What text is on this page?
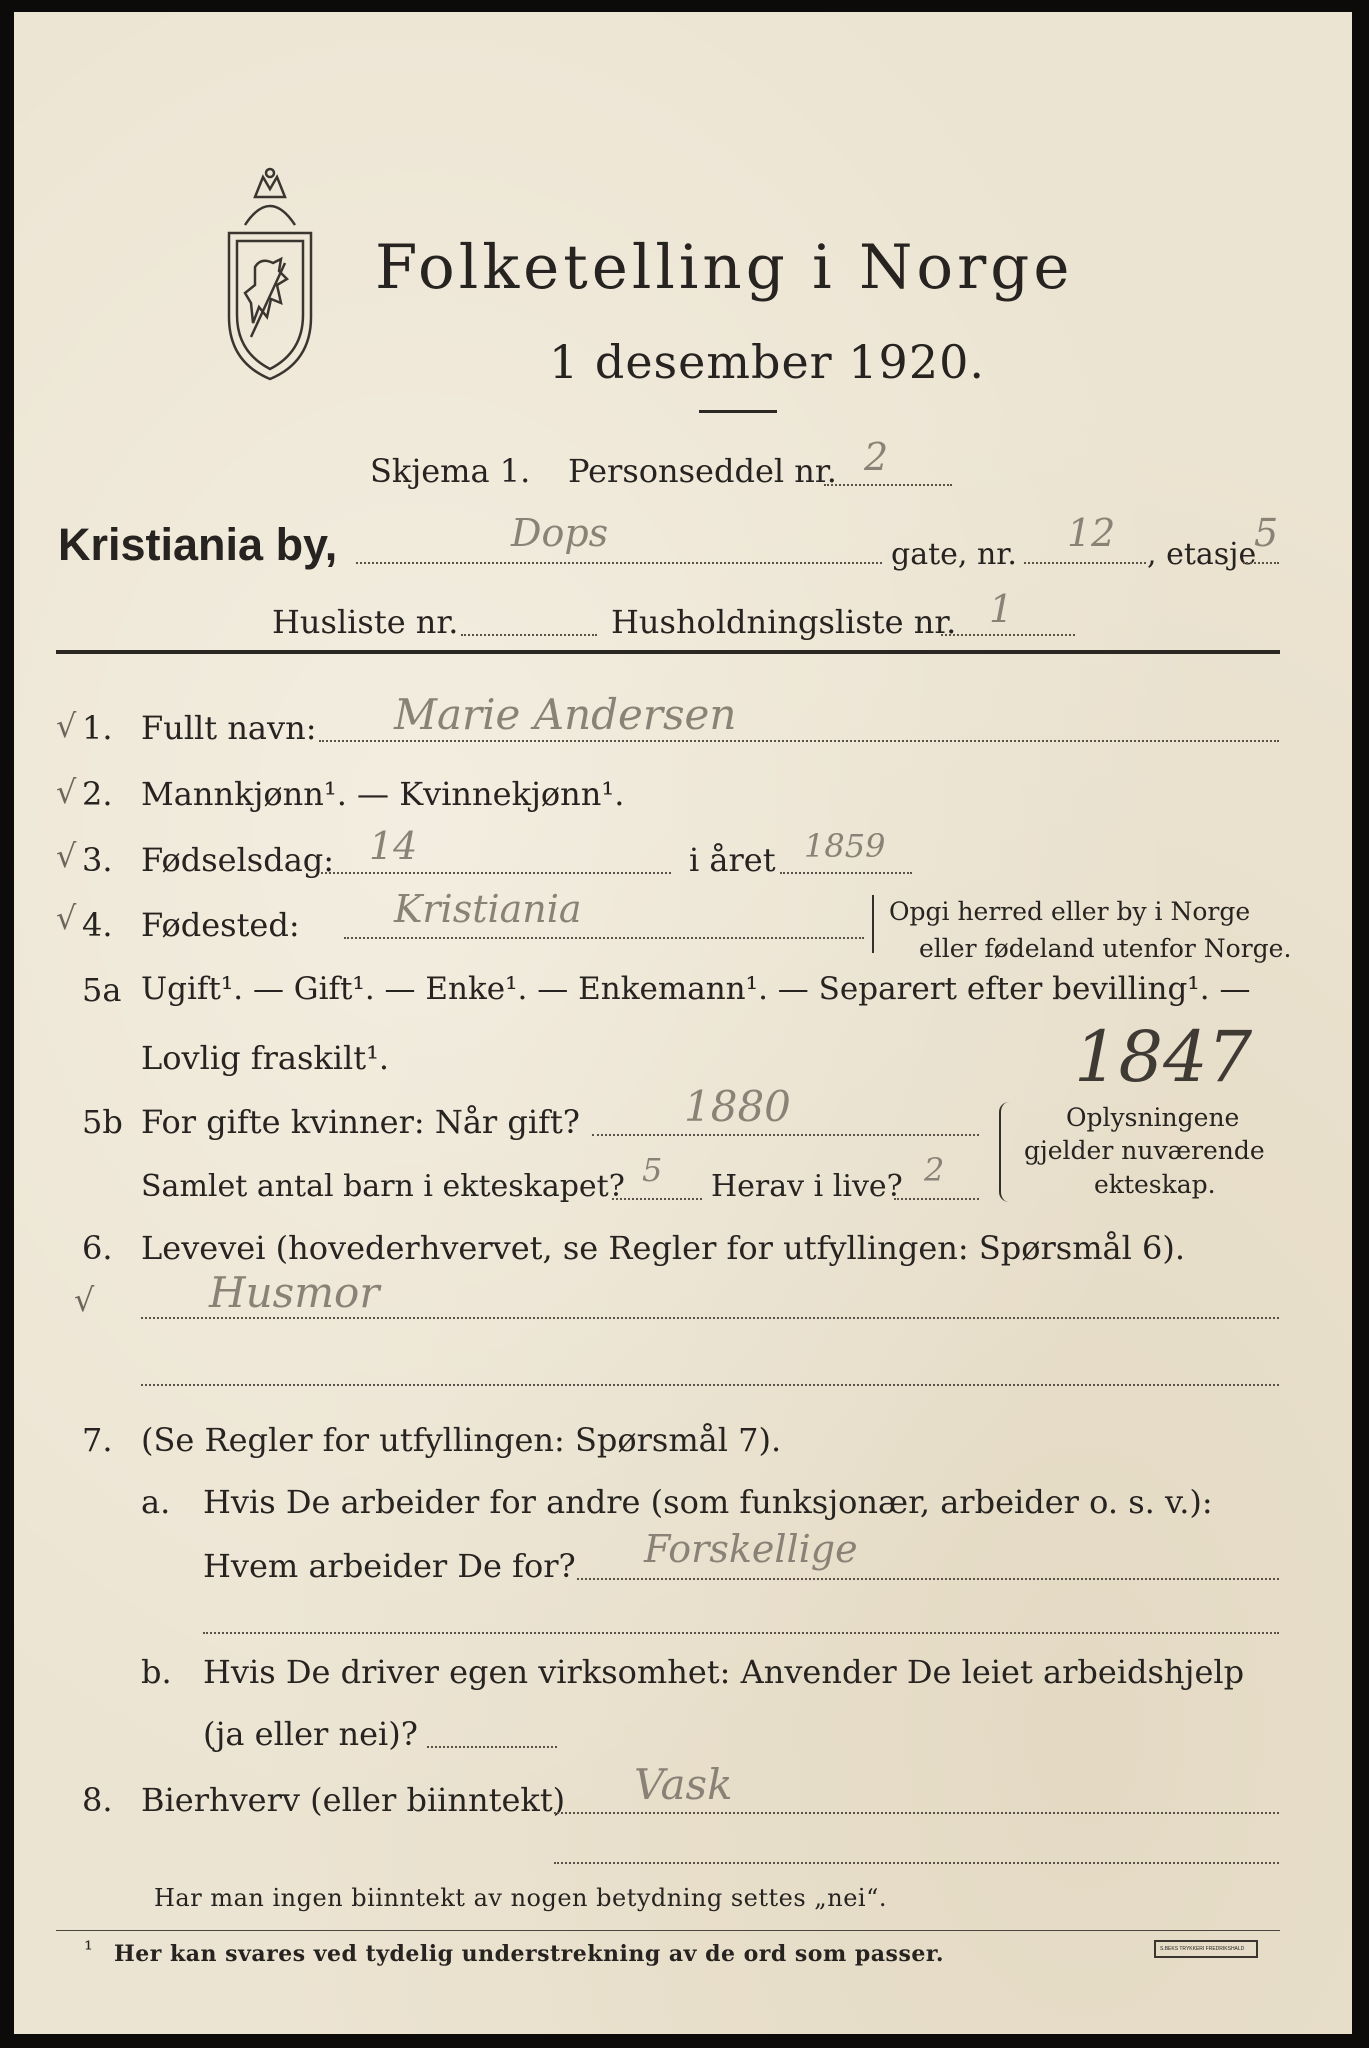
Folketelling i Norge
1 desember 1920.
Skjema 1. Personseddel nr. 2
Kristiania by,	Dops	gate, nr. 12 , etasje
5
Husliste nr.	Husholdningsliste nr. 1
√ 1. Fullt navn: Marie Andersen
√ 2. Mannkjønn¹. — Kvinnekjønn¹.
√ 3. Fødselsdag: 14	i året 1859
√ 4. Fødested: Kristiania	Opgi herred eller by i Norge
eller fødeland utenfor Norge.
5a Ugift¹. — Gift¹. — Enke¹. — Enkemann¹. — Separert efter bevilling¹. —
Lovlig fraskilt¹.	1847
5b For gifte kvinner: Når gift? 1880
Samlet antal barn i ekteskapet? 5 Herav i live? 2
Oplysningene
gjelder nuværende
ekteskap.
6. Levevei (hovederhvervet, se Regler for utfyllingen: Spørsmål 6).
√	Husmor
7. (Se Regler for utfyllingen: Spørsmål 7).
a. Hvis De arbeider for andre (som funksjonær, arbeider o. s. v.):
Hvem arbeider De for? Forskellige
b. Hvis De driver egen virksomhet: Anvender De leiet arbeidshjelp
(ja eller nei)?
8. Bierhverv (eller biinntekt) Vask
Har man ingen biinntekt av nogen betydning settes „nei“.
¹ Her kan svares ved tydelig understrekning av de ord som passer.	S.BEKS TRYKKERI FREDRIKSHALD
